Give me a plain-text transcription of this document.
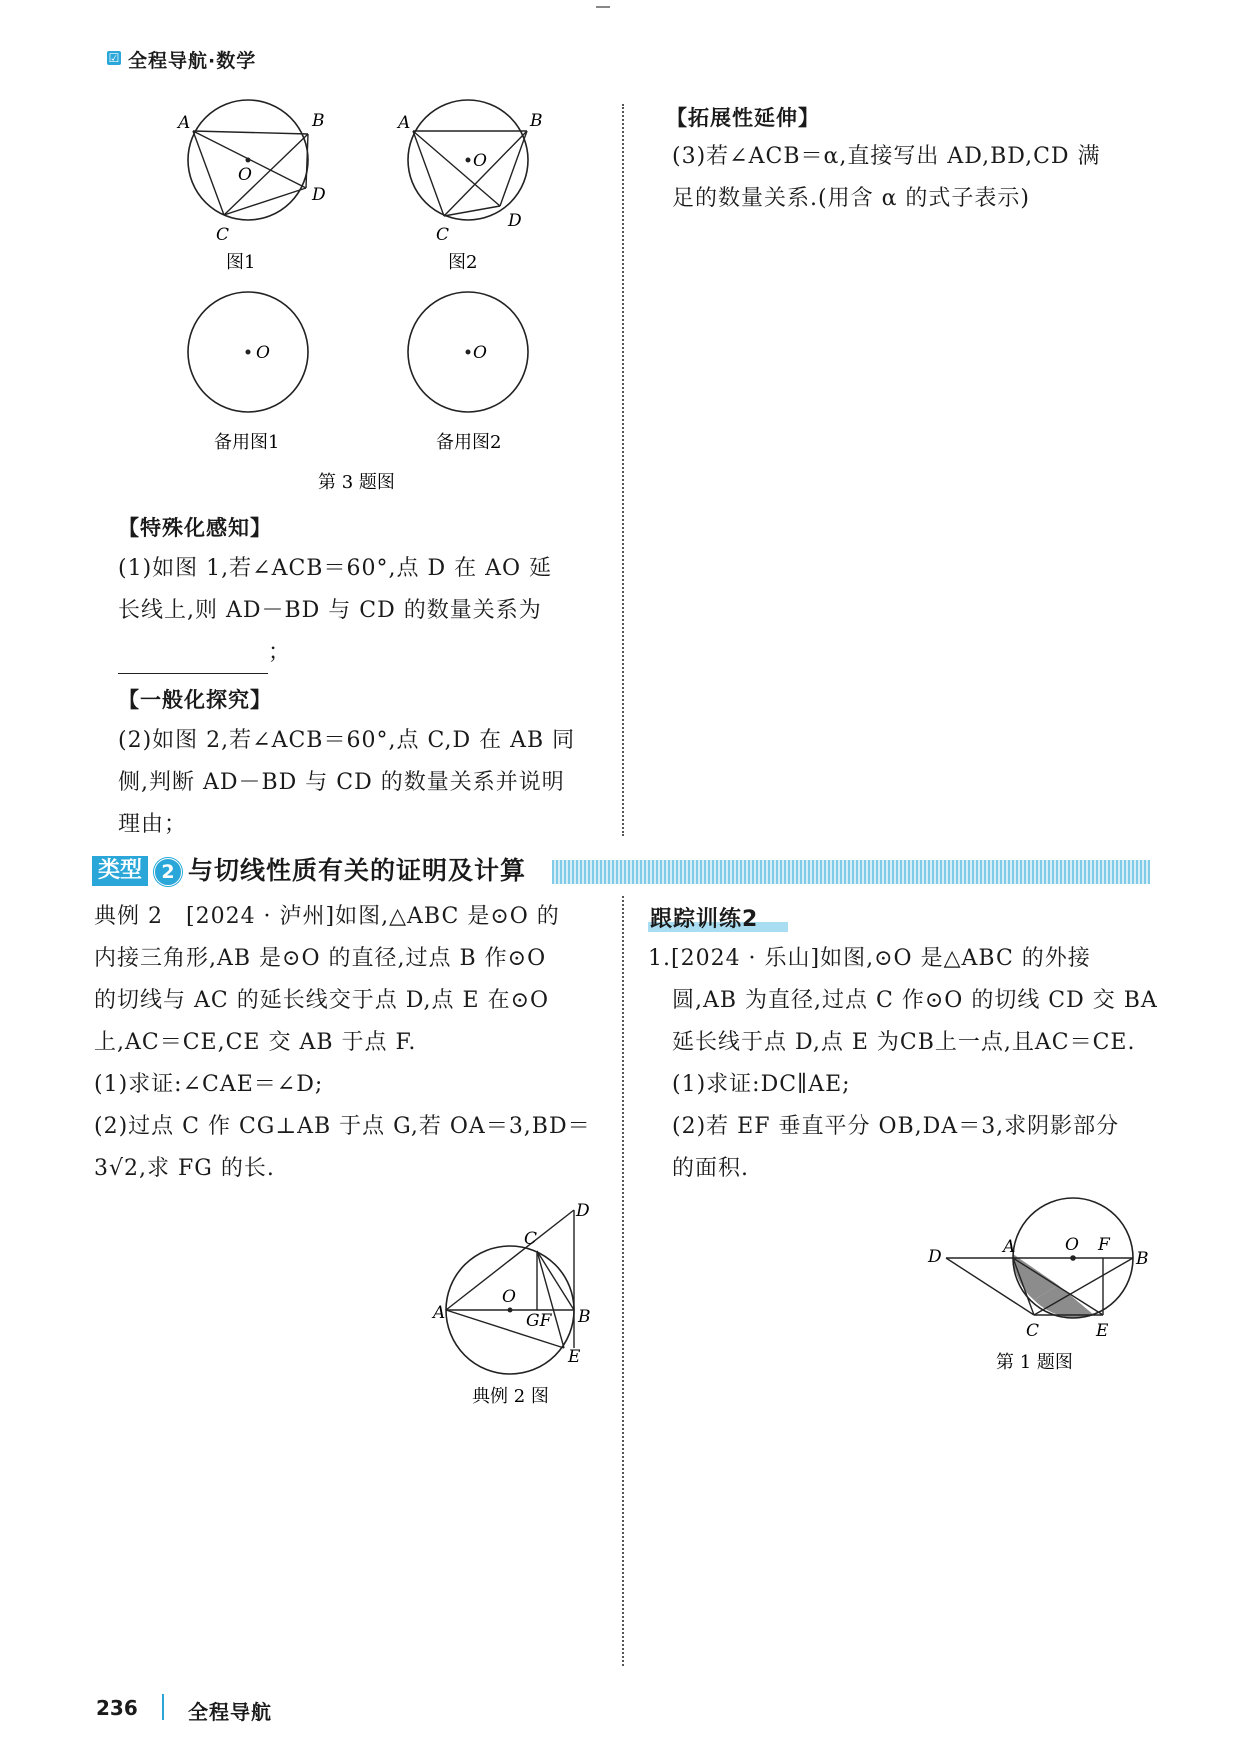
☑ 全程导航·数学
A	B
O
D
C
图1
A	B
O
D
C
图2
O
备用图1
O
备用图2
第 3 题图
【特殊化感知】
(1)如图 1,若∠ACB＝60°,点 D 在 AO 延
长线上,则 AD－BD 与 CD 的数量关系为
；
【一般化探究】
(2)如图 2,若∠ACB＝60°,点 C,D 在 AB 同
侧,判断 AD－BD 与 CD 的数量关系并说明
理由；
【拓展性延伸】
(3)若∠ACB＝α,直接写出 AD,BD,CD 满
足的数量关系.(用含 α 的式子表示)
类型	2 与切线性质有关的证明及计算
典例 2　[2024 · 泸州]如图,△ABC 是⊙O 的
内接三角形,AB 是⊙O 的直径,过点 B 作⊙O
的切线与 AC 的延长线交于点 D,点 E 在⊙O
上,AC＝CE,CE 交 AB 于点 F.
(1)求证:∠CAE＝∠D;
(2)过点 C 作 CG⊥AB 于点 G,若 OA＝3,BD＝
3√2,求 FG 的长.
D
C
A
O
GF B
E
典例 2 图
跟踪训练2
1.[2024 · 乐山]如图,⊙O 是△ABC 的外接
圆,AB 为直径,过点 C 作⊙O 的切线 CD 交 BA
延长线于点 D,点 E 为CB上一点,且AC＝CE.
(1)求证:DC∥AE;
(2)若 EF 垂直平分 OB,DA＝3,求阴影部分
的面积.
D	A	O F
B
C	E
第 1 题图
236	全程导航
